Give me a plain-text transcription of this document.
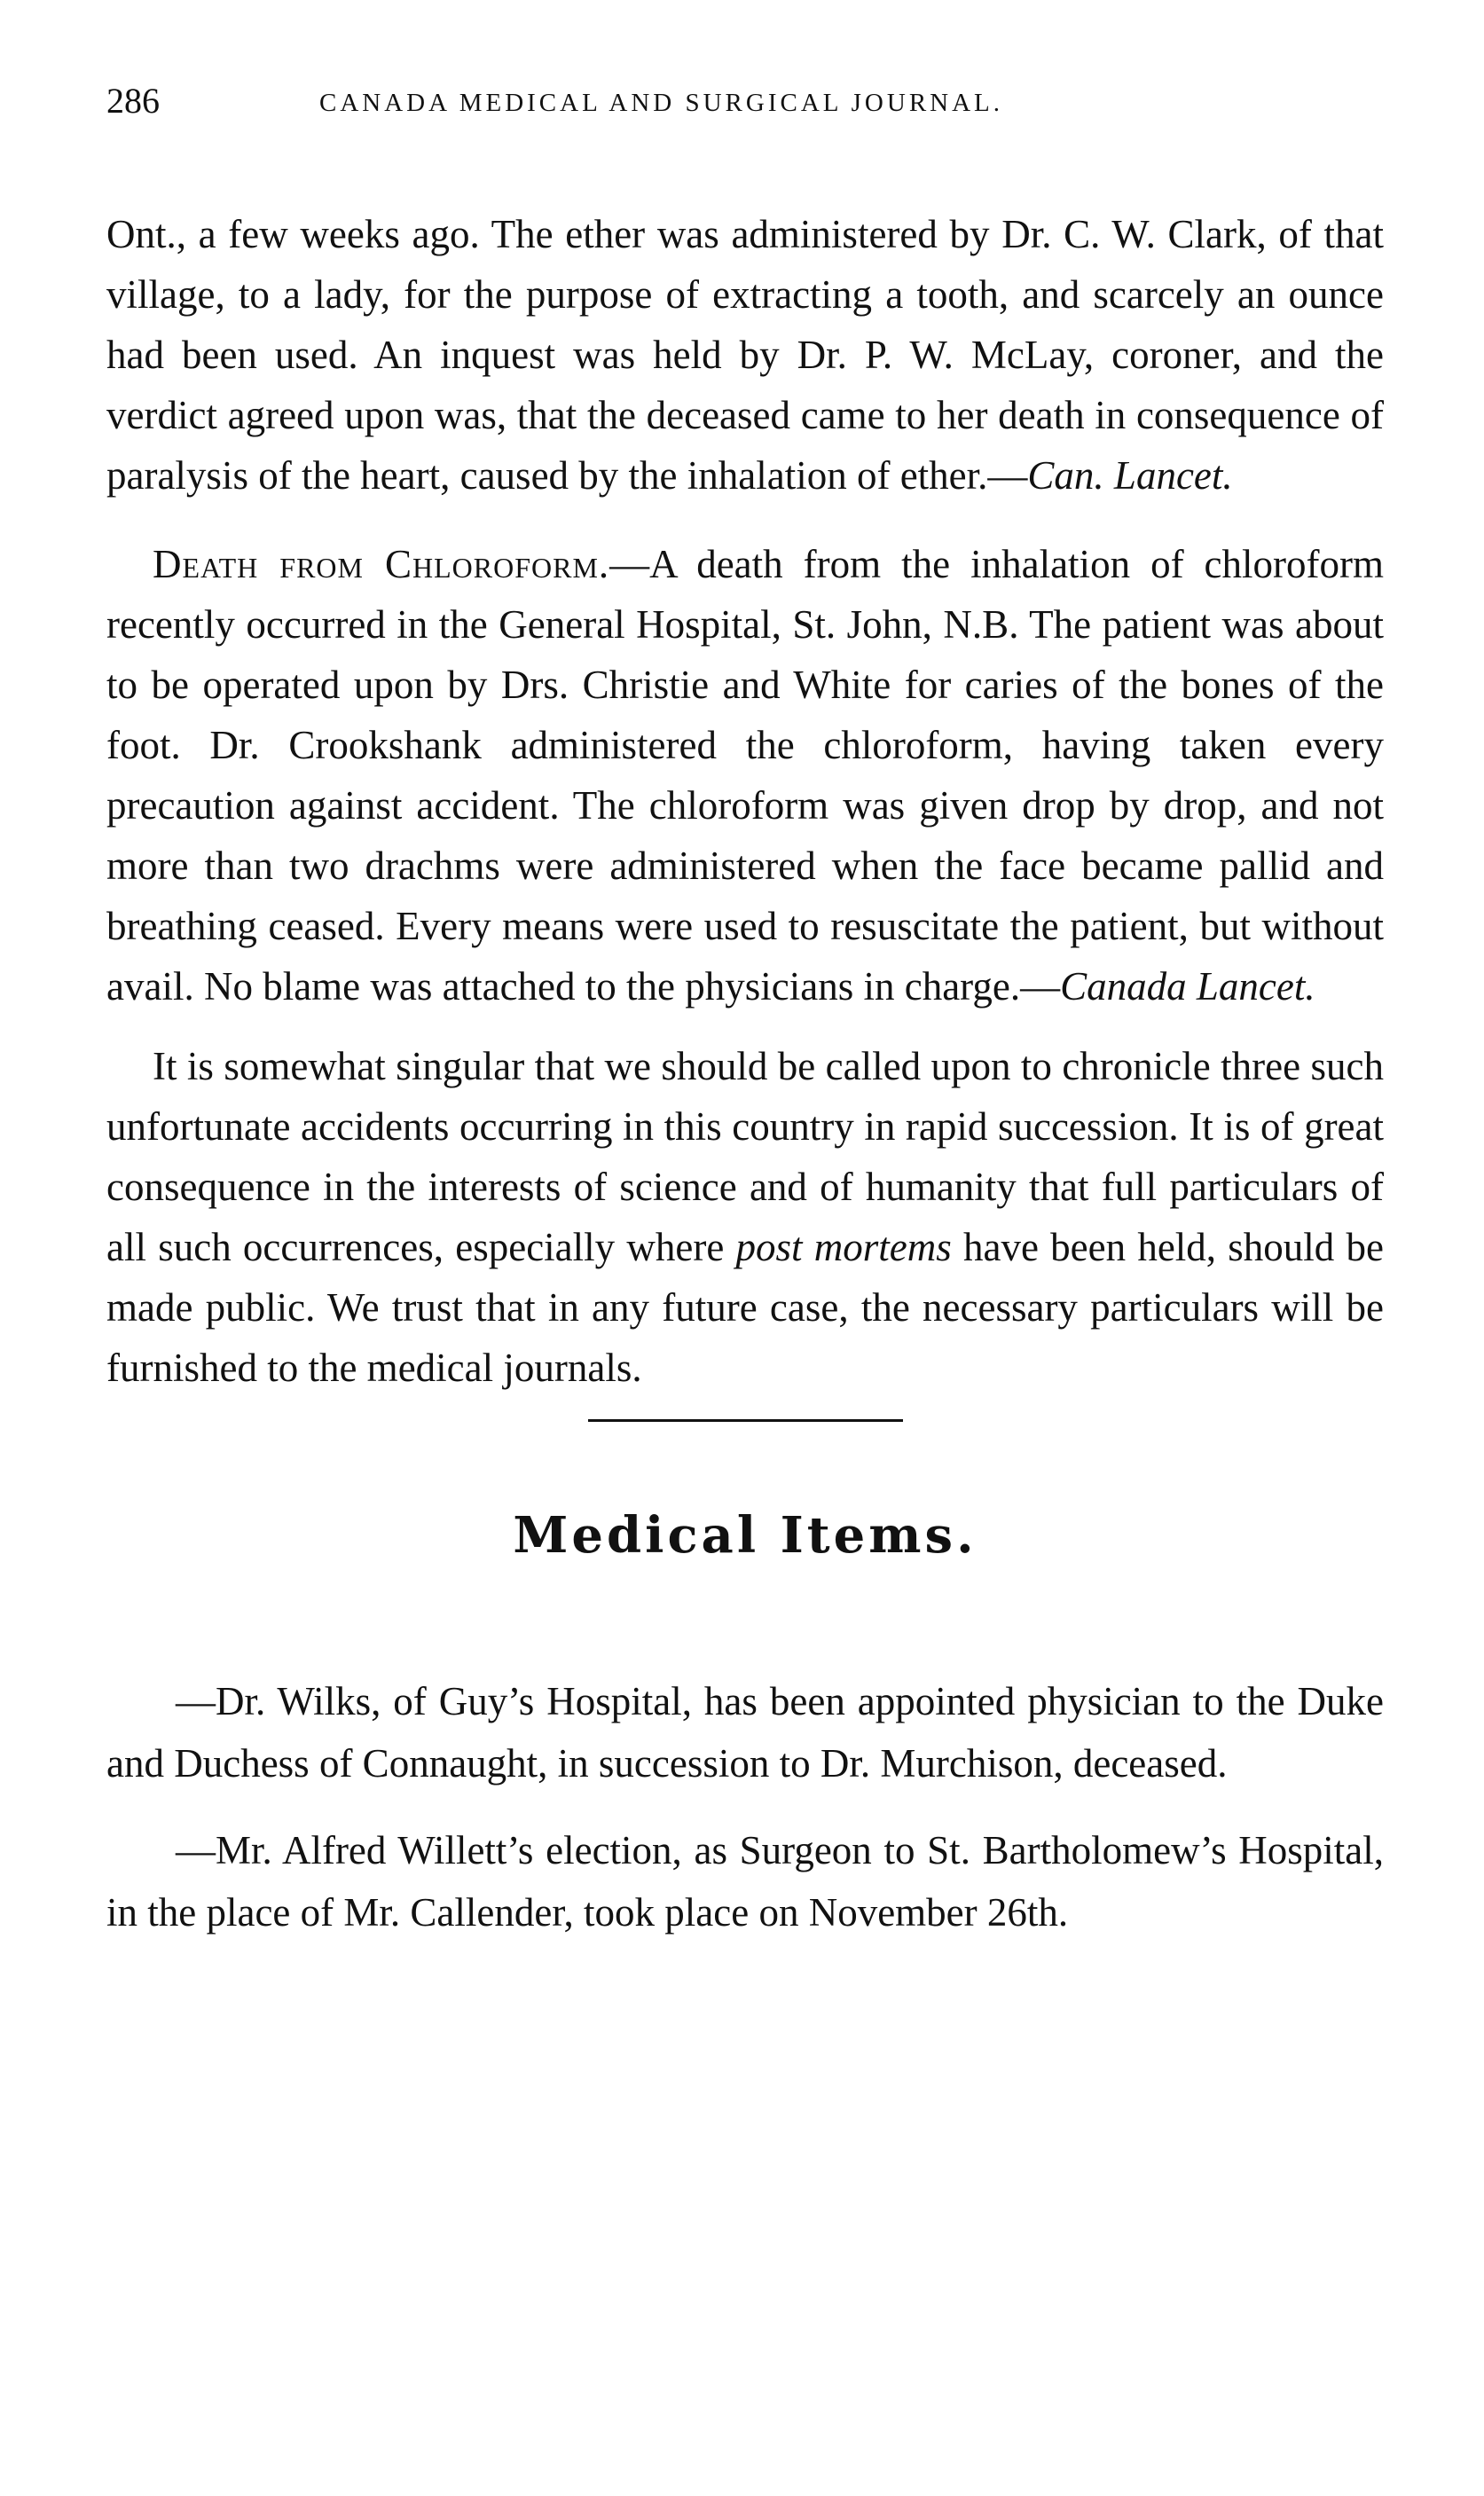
286	CANADA MEDICAL AND SURGICAL JOURNAL.

Ont., a few weeks ago. The ether was administered by Dr. C. W. Clark, of that village, to a lady, for the purpose of extracting a tooth, and scarcely an ounce had been used. An inquest was held by Dr. P. W. McLay, coroner, and the verdict agreed upon was, that the deceased came to her death in consequence of paralysis of the heart, caused by the inhalation of ether.—Can. Lancet.

Death from Chloroform.—A death from the inhalation of chloroform recently occurred in the General Hospital, St. John, N.B. The patient was about to be operated upon by Drs. Christie and White for caries of the bones of the foot. Dr. Crookshank administered the chloroform, having taken every precaution against accident. The chloroform was given drop by drop, and not more than two drachms were administered when the face became pallid and breathing ceased. Every means were used to resuscitate the patient, but without avail. No blame was attached to the physicians in charge.—Canada Lancet.

It is somewhat singular that we should be called upon to chronicle three such unfortunate accidents occurring in this country in rapid succession. It is of great consequence in the interests of science and of humanity that full particulars of all such occurrences, especially where post mortems have been held, should be made public. We trust that in any future case, the necessary particulars will be furnished to the medical journals.

Medical Items.

—Dr. Wilks, of Guy’s Hospital, has been appointed physician to the Duke and Duchess of Connaught, in succession to Dr. Murchison, deceased.

—Mr. Alfred Willett’s election, as Surgeon to St. Bartholomew’s Hospital, in the place of Mr. Callender, took place on November 26th.
